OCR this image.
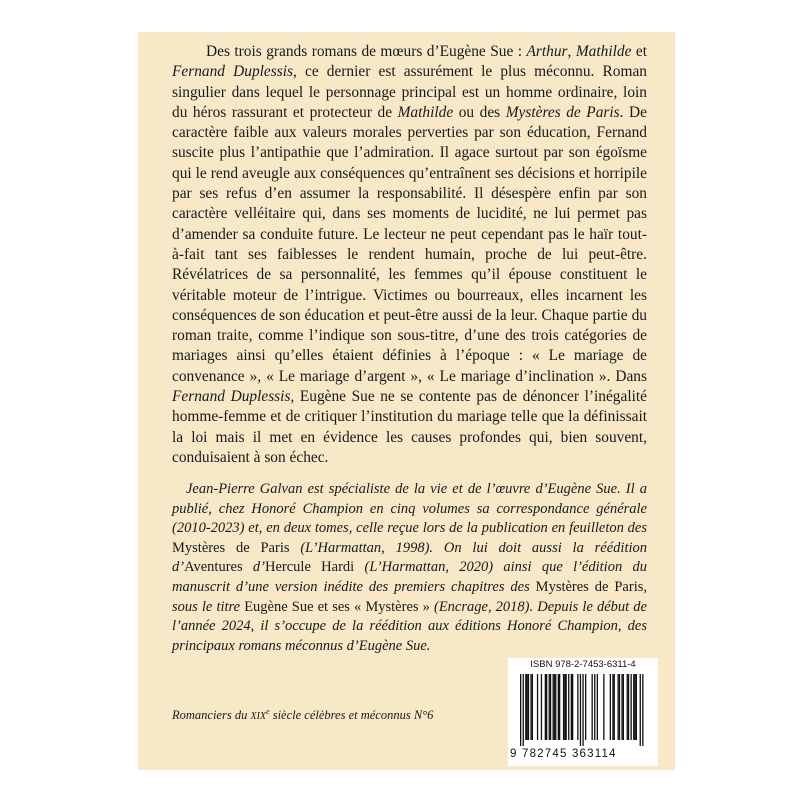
Des trois grands romans de mœurs d’Eugène Sue : Arthur, Mathilde et Fernand Duplessis, ce dernier est assurément le plus méconnu. Roman singulier dans lequel le personnage principal est un homme ordinaire, loin du héros rassurant et protecteur de Mathilde ou des Mystères de Paris. De caractère faible aux valeurs morales perverties par son éducation, Fernand suscite plus l’antipathie que l’admiration. Il agace surtout par son égoïsme qui le rend aveugle aux conséquences qu’entraînent ses décisions et horripile par ses refus d’en assumer la responsabilité. Il désespère enfin par son caractère velléitaire qui, dans ses moments de lucidité, ne lui permet pas d’amender sa conduite future. Le lecteur ne peut cependant pas le haïr tout-à-fait tant ses faiblesses le rendent humain, proche de lui peut-être. Révélatrices de sa personnalité, les femmes qu’il épouse constituent le véritable moteur de l’intrigue. Victimes ou bourreaux, elles incarnent les conséquences de son éducation et peut-être aussi de la leur. Chaque partie du roman traite, comme l’indique son sous-titre, d’une des trois catégories de mariages ainsi qu’elles étaient définies à l’époque : « Le mariage de convenance », « Le mariage d’argent », « Le mariage d’inclination ». Dans Fernand Duplessis, Eugène Sue ne se contente pas de dénoncer l’inégalité homme-femme et de critiquer l’institution du mariage telle que la définissait la loi mais il met en évidence les causes profondes qui, bien souvent, conduisaient à son échec.

Jean-Pierre Galvan est spécialiste de la vie et de l’œuvre d’Eugène Sue. Il a publié, chez Honoré Champion en cinq volumes sa correspondance générale (2010-2023) et, en deux tomes, celle reçue lors de la publication en feuilleton des Mystères de Paris (L’Harmattan, 1998). On lui doit aussi la réédition d’Aventures d’Hercule Hardi (L’Harmattan, 2020) ainsi que l’édition du manuscrit d’une version inédite des premiers chapitres des Mystères de Paris, sous le titre Eugène Sue et ses « Mystères » (Encrage, 2018). Depuis le début de l’année 2024, il s’occupe de la réédition aux éditions Honoré Champion, des principaux romans méconnus d’Eugène Sue.

Romanciers du XIXe siècle célèbres et méconnus N°6
ISBN 978-2-7453-6311-4
9 782745 363114
